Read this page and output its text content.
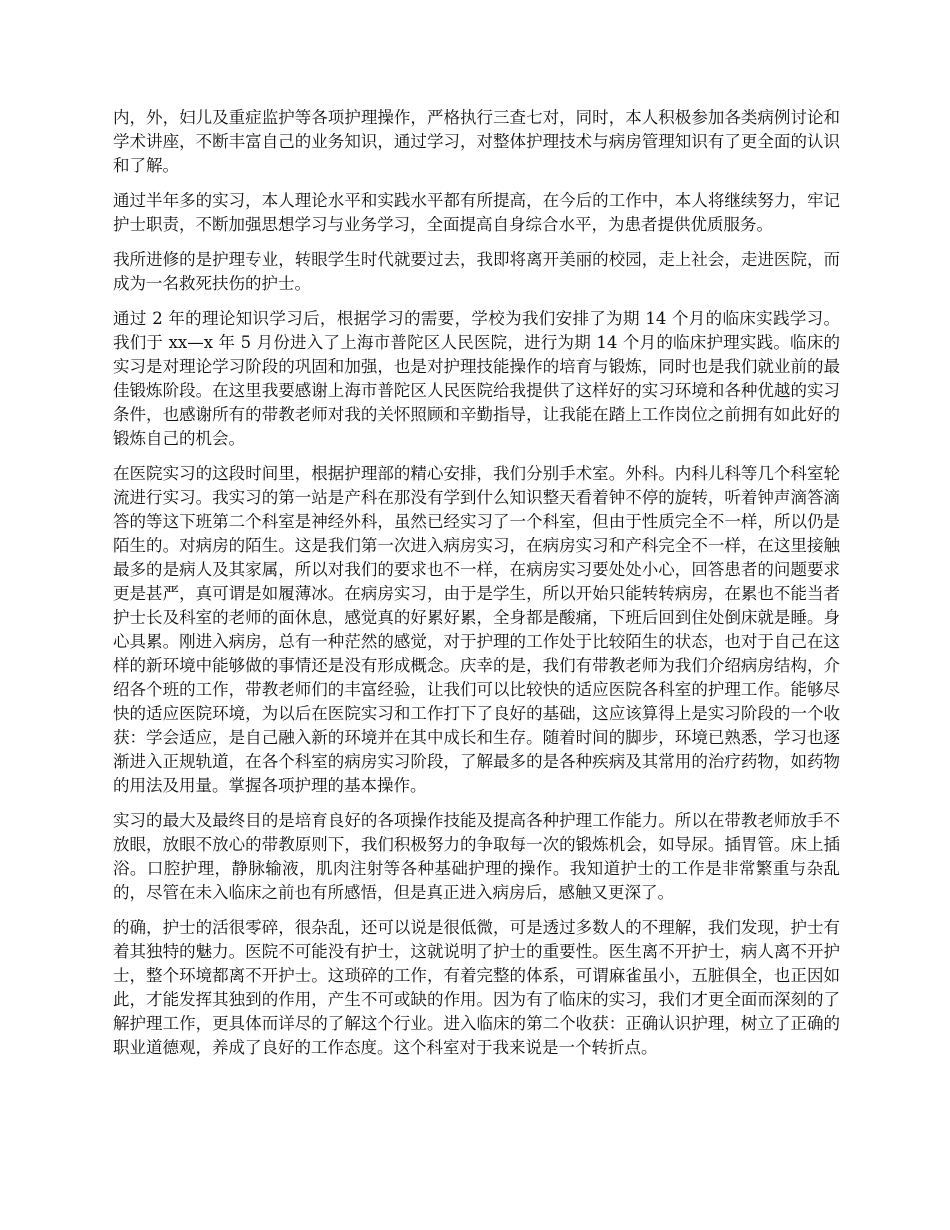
内，外，妇儿及重症监护等各项护理操作，严格执行三查七对，同时，本人积极参加各类病例讨论和学术讲座，不断丰富自己的业务知识，通过学习，对整体护理技术与病房管理知识有了更全面的认识和了解。

通过半年多的实习，本人理论水平和实践水平都有所提高，在今后的工作中，本人将继续努力，牢记护士职责，不断加强思想学习与业务学习，全面提高自身综合水平，为患者提供优质服务。

我所进修的是护理专业，转眼学生时代就要过去，我即将离开美丽的校园，走上社会，走进医院，而成为一名救死扶伤的护士。

通过 2 年的理论知识学习后，根据学习的需要，学校为我们安排了为期 14 个月的临床实践学习。我们于 xx—x 年 5 月份进入了上海市普陀区人民医院，进行为期 14 个月的临床护理实践。临床的实习是对理论学习阶段的巩固和加强，也是对护理技能操作的培育与锻炼，同时也是我们就业前的最佳锻炼阶段。在这里我要感谢上海市普陀区人民医院给我提供了这样好的实习环境和各种优越的实习条件，也感谢所有的带教老师对我的关怀照顾和辛勤指导，让我能在踏上工作岗位之前拥有如此好的锻炼自己的机会。

在医院实习的这段时间里，根据护理部的精心安排，我们分别手术室。外科。内科儿科等几个科室轮流进行实习。我实习的第一站是产科在那没有学到什么知识整天看着钟不停的旋转，听着钟声滴答滴答的等这下班第二个科室是神经外科，虽然已经实习了一个科室，但由于性质完全不一样，所以仍是陌生的。对病房的陌生。这是我们第一次进入病房实习，在病房实习和产科完全不一样，在这里接触最多的是病人及其家属，所以对我们的要求也不一样，在病房实习要处处小心，回答患者的问题要求更是甚严，真可谓是如履薄冰。在病房实习，由于是学生，所以开始只能转转病房，在累也不能当者护士长及科室的老师的面休息，感觉真的好累好累，全身都是酸痛，下班后回到住处倒床就是睡。身心具累。刚进入病房，总有一种茫然的感觉，对于护理的工作处于比较陌生的状态，也对于自己在这样的新环境中能够做的事情还是没有形成概念。庆幸的是，我们有带教老师为我们介绍病房结构，介绍各个班的工作，带教老师们的丰富经验，让我们可以比较快的适应医院各科室的护理工作。能够尽快的适应医院环境，为以后在医院实习和工作打下了良好的基础，这应该算得上是实习阶段的一个收获：学会适应，是自己融入新的环境并在其中成长和生存。随着时间的脚步，环境已熟悉，学习也逐渐进入正规轨道，在各个科室的病房实习阶段，了解最多的是各种疾病及其常用的治疗药物，如药物的用法及用量。掌握各项护理的基本操作。

实习的最大及最终目的是培育良好的各项操作技能及提高各种护理工作能力。所以在带教老师放手不放眼，放眼不放心的带教原则下，我们积极努力的争取每一次的锻炼机会，如导尿。插胃管。床上插浴。口腔护理，静脉输液，肌肉注射等各种基础护理的操作。我知道护士的工作是非常繁重与杂乱的，尽管在未入临床之前也有所感悟，但是真正进入病房后，感触又更深了。

的确，护士的活很零碎，很杂乱，还可以说是很低微，可是透过多数人的不理解，我们发现，护士有着其独特的魅力。医院不可能没有护士，这就说明了护士的重要性。医生离不开护士，病人离不开护士，整个环境都离不开护士。这琐碎的工作，有着完整的体系，可谓麻雀虽小，五脏俱全，也正因如此，才能发挥其独到的作用，产生不可或缺的作用。因为有了临床的实习，我们才更全面而深刻的了解护理工作，更具体而详尽的了解这个行业。进入临床的第二个收获：正确认识护理，树立了正确的职业道德观，养成了良好的工作态度。这个科室对于我来说是一个转折点。
